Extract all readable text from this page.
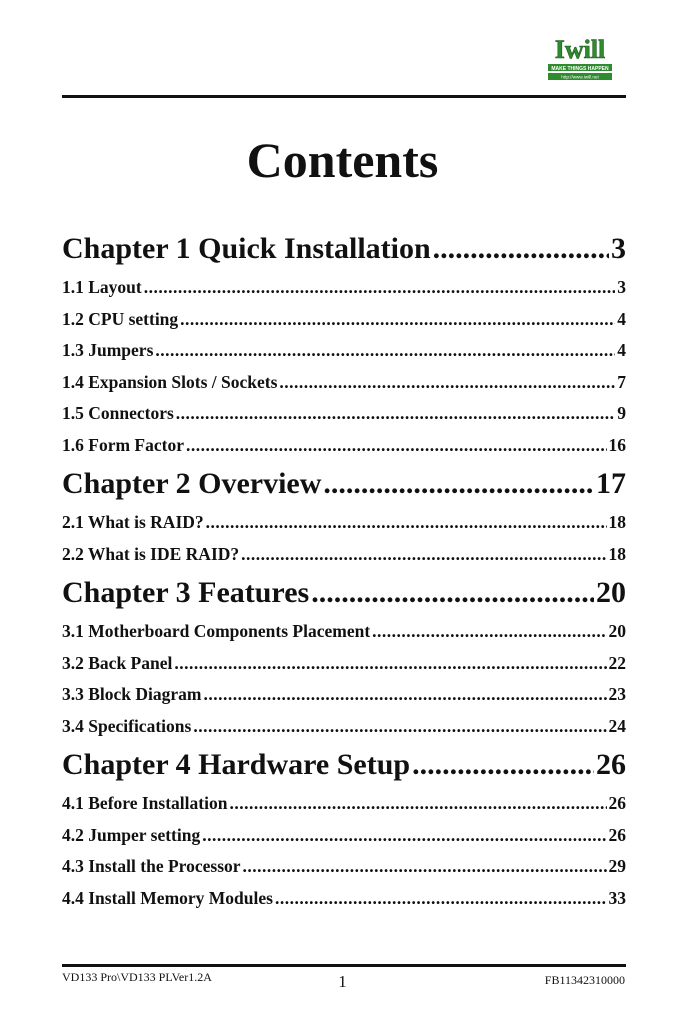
Iwill
MAKE THINGS HAPPEN
http://www.iwill.net
Contents
Chapter 1 Quick Installation .....	3
1.1 Layout .....	3
1.2 CPU setting .....	4
1.3 Jumpers .....	4
1.4 Expansion Slots / Sockets .....	7
1.5 Connectors .....	9
1.6 Form Factor .....	16
Chapter 2 Overview .....	17
2.1 What is RAID? .....	18
2.2 What is IDE RAID? .....	18
Chapter 3 Features .....	20
3.1 Motherboard Components Placement .....	20
3.2 Back Panel .....	22
3.3 Block Diagram .....	23
3.4 Specifications .....	24
Chapter 4 Hardware Setup .....	26
4.1 Before Installation .....	26
4.2 Jumper setting .....	26
4.3 Install the Processor .....	29
4.4 Install Memory Modules .....	33
VD133 Pro\VD133 PLVer1.2A	1	FB11342310000
